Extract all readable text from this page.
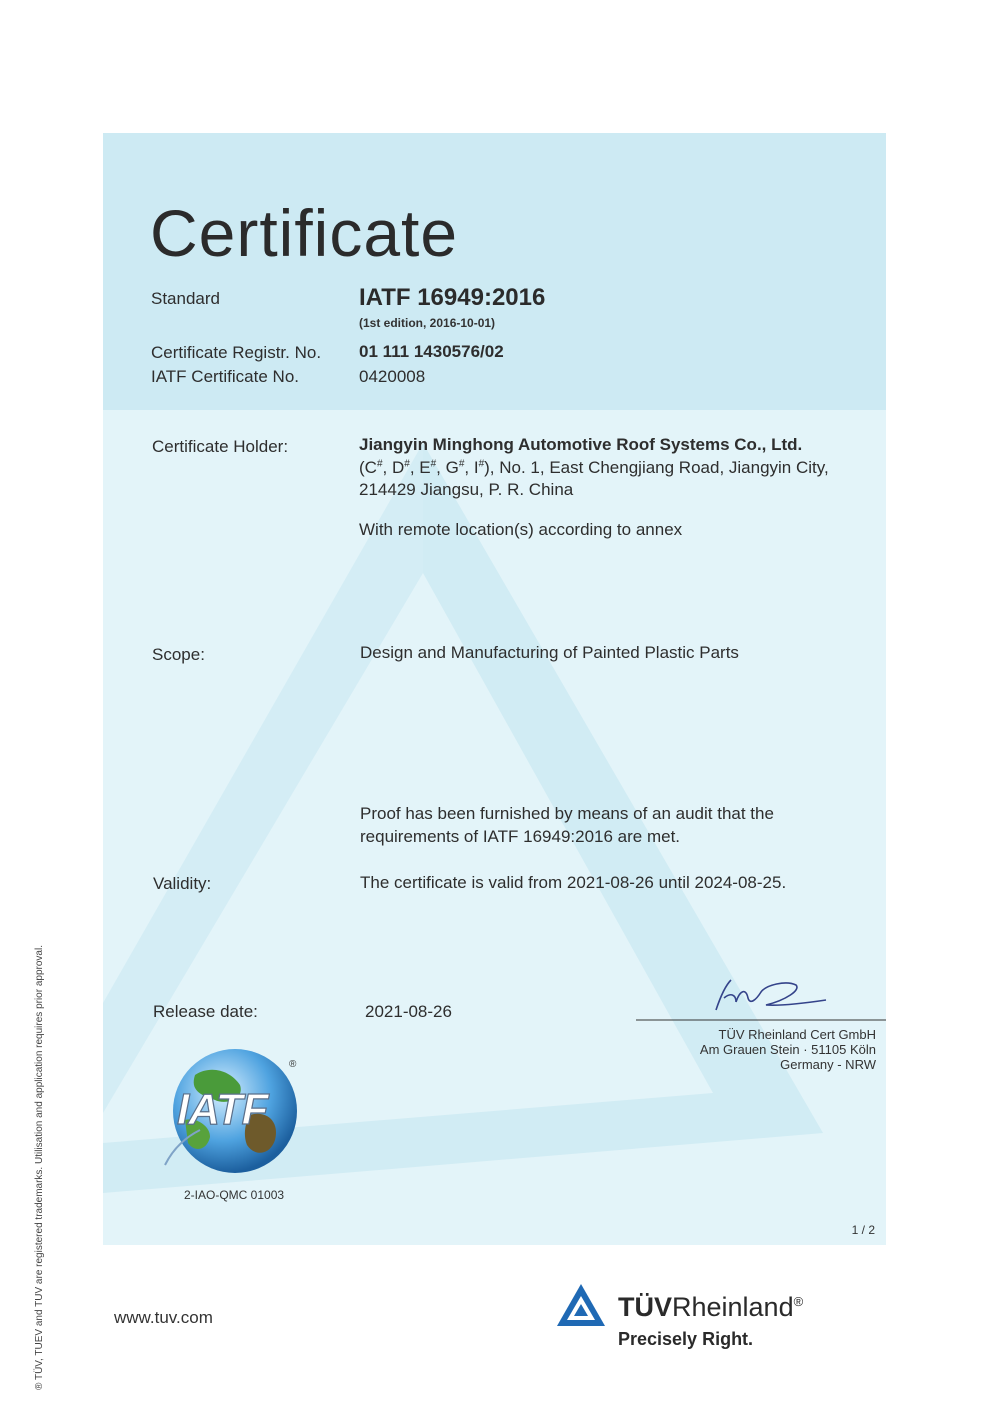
Certificate
Standard	IATF 16949:2016
(1st edition, 2016-10-01)
Certificate Registr. No. 01 111 1430576/02
IATF Certificate No.	0420008
Certificate Holder:	Jiangyin Minghong Automotive Roof Systems Co., Ltd.
(C#, D#, E#, G#, I#), No. 1, East Chengjiang Road, Jiangyin City,
214429 Jiangsu, P. R. China
With remote location(s) according to annex
Scope:	Design and Manufacturing of Painted Plastic Parts
Proof has been furnished by means of an audit that the
requirements of IATF 16949:2016 are met.
Validity:	The certificate is valid from 2021-08-26 until 2024-08-25.
Release date:	2021-08-26
TÜV Rheinland Cert GmbH
Am Grauen Stein · 51105 Köln
Germany - NRW
IATF
®
2-IAO-QMC 01003
1 / 2
www.tuv.com	TÜVRheinland®
Precisely Right.
® TÜV, TUEV and TUV are registered trademarks. Utilisation and application requires prior approval.
